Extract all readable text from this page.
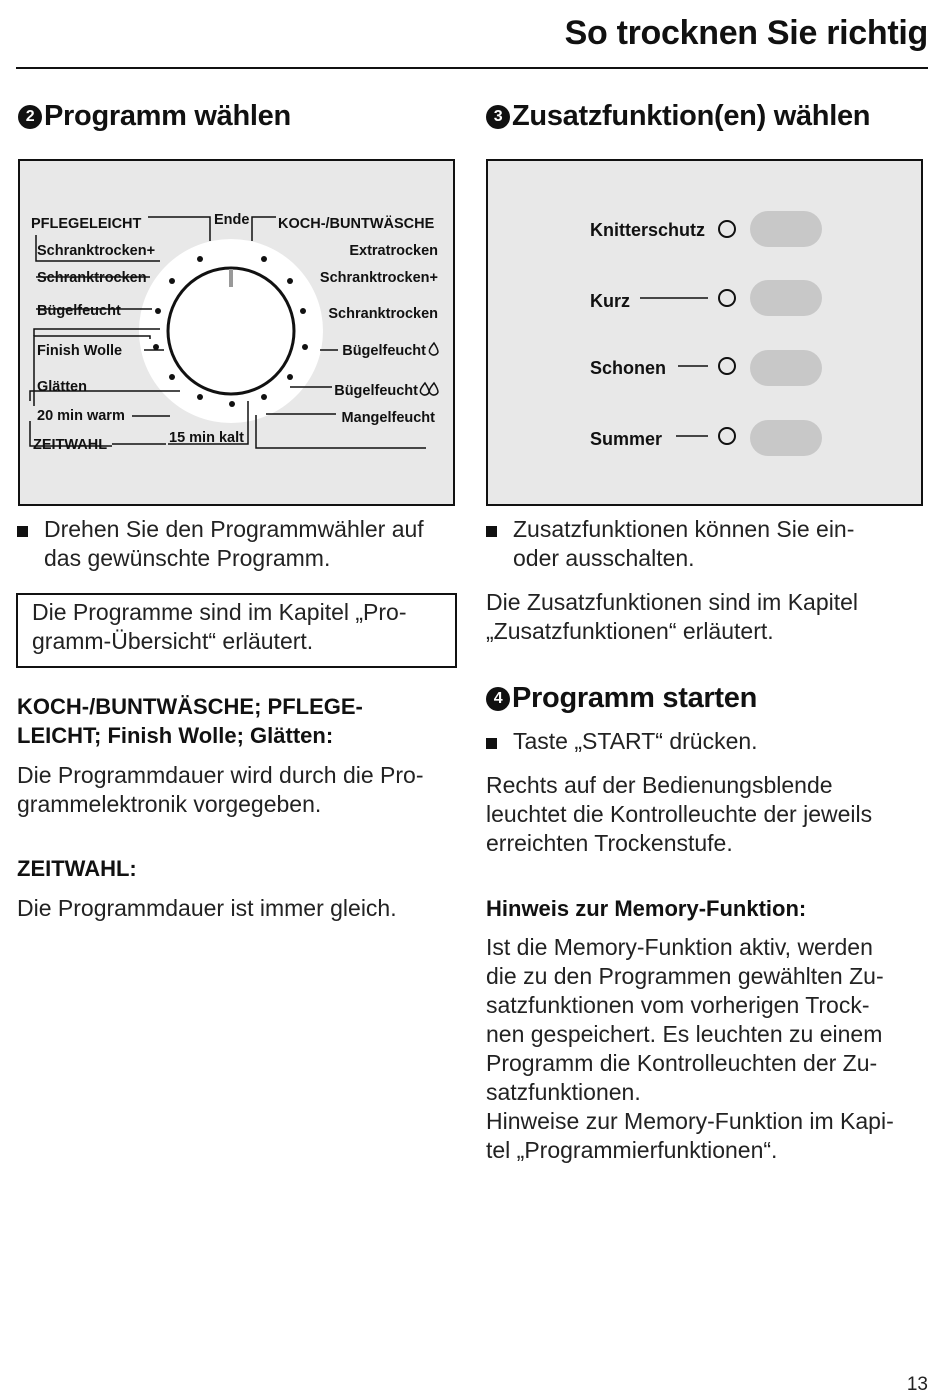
So trocknen Sie richtig
2 Programm wählen	3 Zusatzfunktion(en) wählen
PFLEGELEICHT	Ende KOCH-/BUNTWÄSCHE
Schranktrocken+
Schranktrocken
Bügelfeucht
Finish Wolle
Glätten
20 min warm
ZEITWAHL	15 min kalt
Extratrocken
Schranktrocken+
Schranktrocken
Bügelfeucht
Bügelfeucht
Mangelfeucht
Knitterschutz
Kurz
Schonen
Summer
Drehen Sie den Programmwähler auf
das gewünschte Programm.
Die Programme sind im Kapitel „Pro-
gramm-Übersicht“ erläutert.
KOCH-/BUNTWÄSCHE; PFLEGE-
LEICHT; Finish Wolle; Glätten:
Die Programmdauer wird durch die Pro-
grammelektronik vorgegeben.
ZEITWAHL:
Die Programmdauer ist immer gleich.
Zusatzfunktionen können Sie ein-
oder ausschalten.
Die Zusatzfunktionen sind im Kapitel
„Zusatzfunktionen“ erläutert.
4 Programm starten
Taste „START“ drücken.
Rechts auf der Bedienungsblende
leuchtet die Kontrolleuchte der jeweils
erreichten Trockenstufe.
Hinweis zur Memory-Funktion:
Ist die Memory-Funktion aktiv, werden
die zu den Programmen gewählten Zu-
satzfunktionen vom vorherigen Trock-
nen gespeichert. Es leuchten zu einem
Programm die Kontrolleuchten der Zu-
satzfunktionen.
Hinweise zur Memory-Funktion im Kapi-
tel „Programmierfunktionen“.
13
